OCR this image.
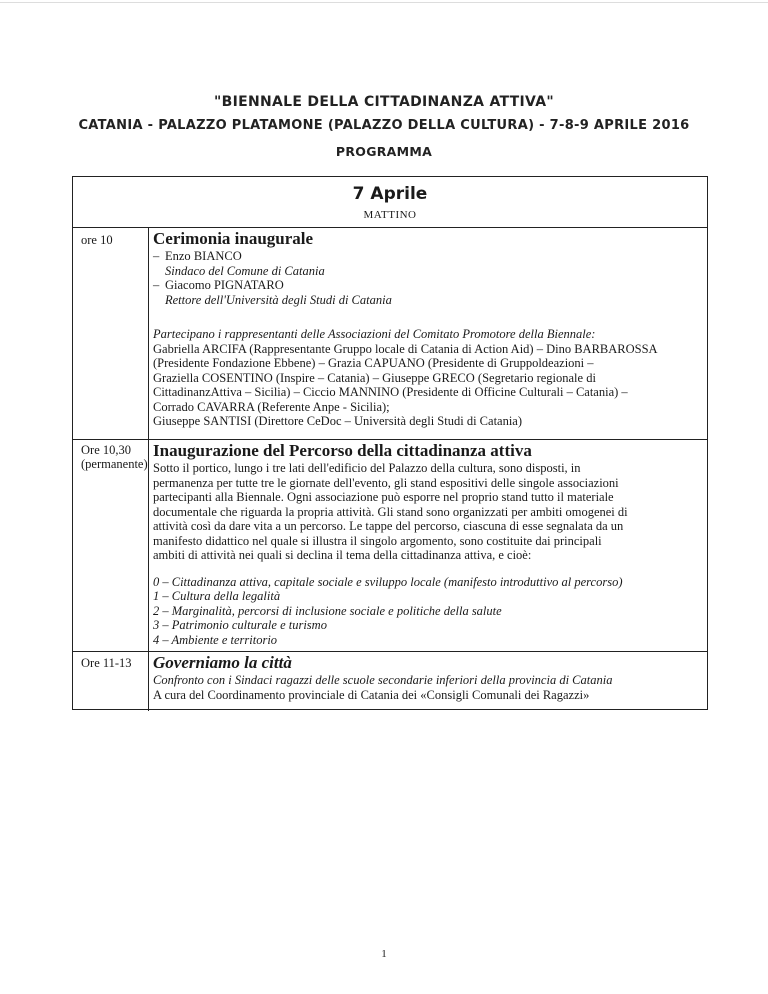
"BIENNALE DELLA CITTADINANZA ATTIVA"
CATANIA - PALAZZO PLATAMONE (PALAZZO DELLA CULTURA) - 7-8-9 APRILE 2016
PROGRAMMA
7 Aprile
MATTINO
ore 10 Cerimonia inaugurale

– Enzo BIANCO

Sindaco del Comune di Catania

– Giacomo PIGNATARO

Rettore dell'Università degli Studi di Catania

Partecipano i rappresentanti delle Associazioni del Comitato Promotore della Biennale:

Gabriella ARCIFA (Rappresentante Gruppo locale di Catania di Action Aid) – Dino BARBAROSSA

(Presidente Fondazione Ebbene) – Grazia CAPUANO (Presidente di Gruppoldeazioni –

Graziella COSENTINO (Inspire – Catania) – Giuseppe GRECO (Segretario regionale di

CittadinanzAttiva – Sicilia) – Ciccio MANNINO (Presidente di Officine Culturali – Catania) –

Corrado CAVARRA (Referente Anpe - Sicilia);

Giuseppe SANTISI (Direttore CeDoc – Università degli Studi di Catania)

Ore 10,30
(permanente)
Inaugurazione del Percorso della cittadinanza attiva

Sotto il portico, lungo i tre lati dell'edificio del Palazzo della cultura, sono disposti, in

permanenza per tutte tre le giornate dell'evento, gli stand espositivi delle singole associazioni

partecipanti alla Biennale. Ogni associazione può esporre nel proprio stand tutto il materiale

documentale che riguarda la propria attività. Gli stand sono organizzati per ambiti omogenei di

attività così da dare vita a un percorso. Le tappe del percorso, ciascuna di esse segnalata da un

manifesto didattico nel quale si illustra il singolo argomento, sono costituite dai principali

ambiti di attività nei quali si declina il tema della cittadinanza attiva, e cioè:

0 – Cittadinanza attiva, capitale sociale e sviluppo locale (manifesto introduttivo al percorso)

1 – Cultura della legalità

2 – Marginalità, percorsi di inclusione sociale e politiche della salute

3 – Patrimonio culturale e turismo

4 – Ambiente e territorio

Ore 11-13 Governiamo la città

Confronto con i Sindaci ragazzi delle scuole secondarie inferiori della provincia di Catania

A cura del Coordinamento provinciale di Catania dei «Consigli Comunali dei Ragazzi»

1
